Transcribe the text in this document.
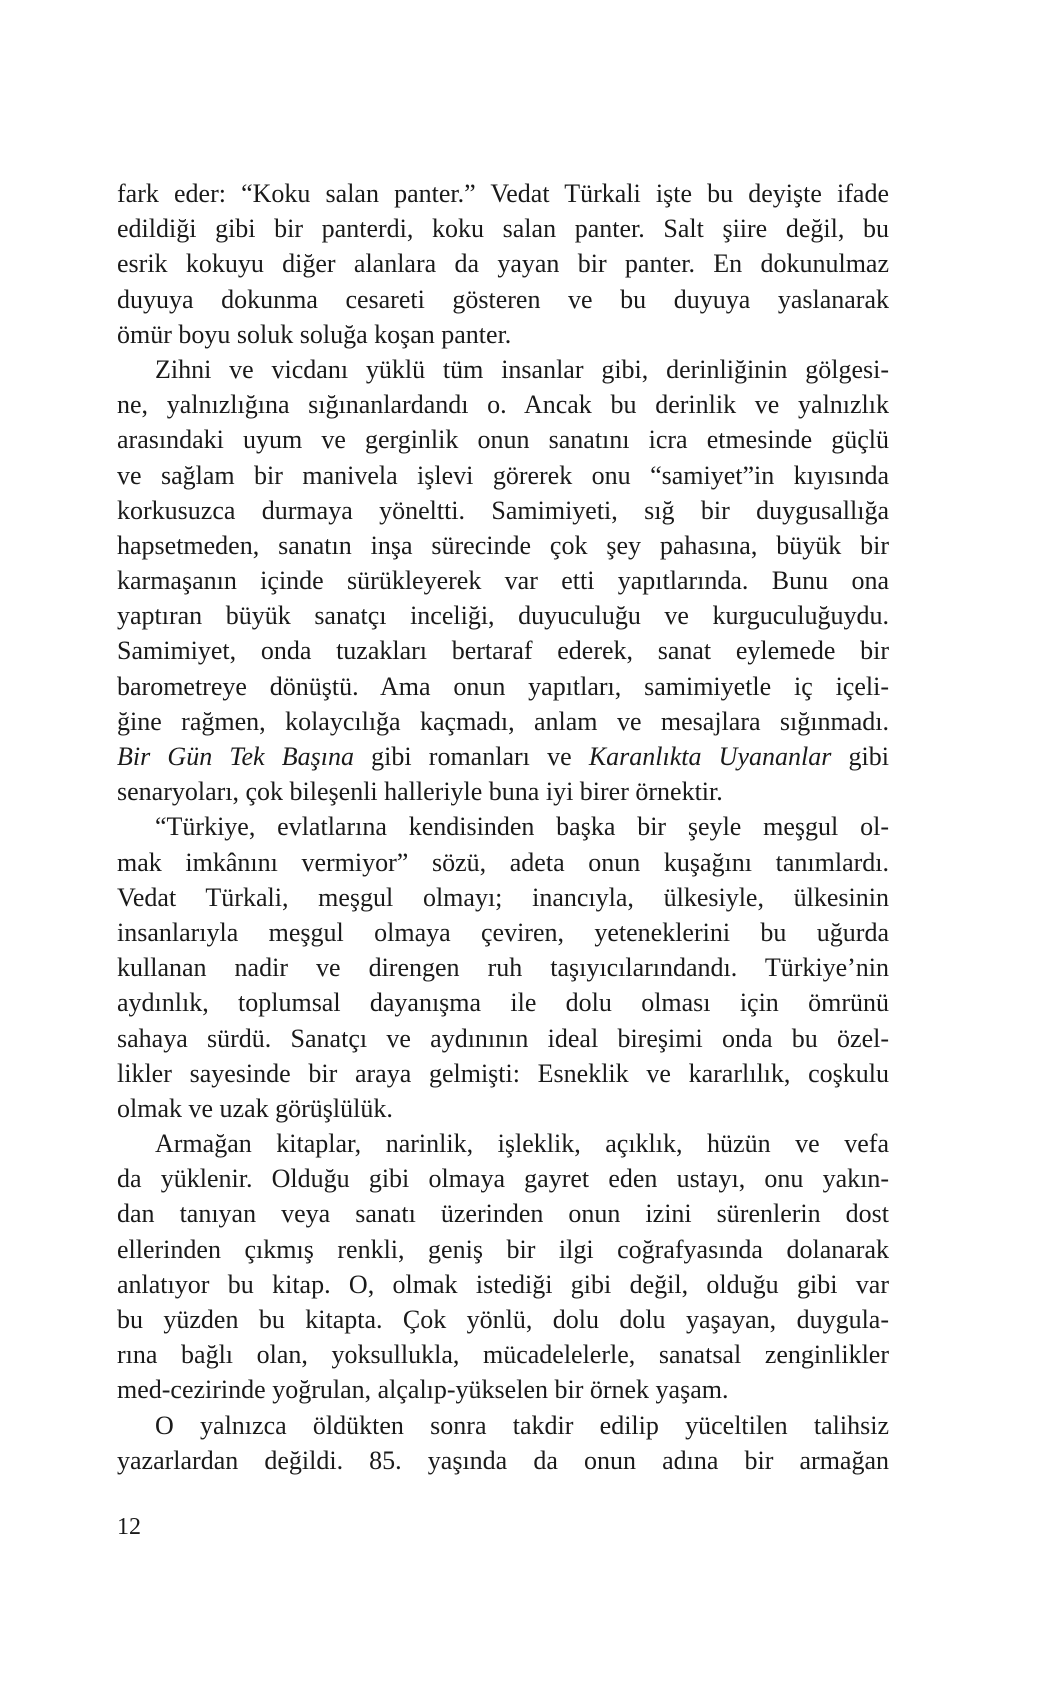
fark eder: “Koku salan panter.” Vedat Türkali işte bu deyişte ifade
edildiği gibi bir panterdi, koku salan panter. Salt şiire değil, bu
esrik kokuyu diğer alanlara da yayan bir panter. En dokunulmaz
duyuya dokunma cesareti gösteren ve bu duyuya yaslanarak
ömür boyu soluk soluğa koşan panter.
Zihni ve vicdanı yüklü tüm insanlar gibi, derinliğinin gölgesi-
ne, yalnızlığına sığınanlardandı o. Ancak bu derinlik ve yalnızlık
arasındaki uyum ve gerginlik onun sanatını icra etmesinde güçlü
ve sağlam bir manivela işlevi görerek onu “samiyet”in kıyısında
korkusuzca durmaya yöneltti. Samimiyeti, sığ bir duygusallığa
hapsetmeden, sanatın inşa sürecinde çok şey pahasına, büyük bir
karmaşanın içinde sürükleyerek var etti yapıtlarında. Bunu ona
yaptıran büyük sanatçı inceliği, duyuculuğu ve kurguculuğuydu.
Samimiyet, onda tuzakları bertaraf ederek, sanat eylemede bir
barometreye dönüştü. Ama onun yapıtları, samimiyetle iç içeli-
ğine rağmen, kolaycılığa kaçmadı, anlam ve mesajlara sığınmadı.
Bir Gün Tek Başına gibi romanları ve Karanlıkta Uyananlar gibi
senaryoları, çok bileşenli halleriyle buna iyi birer örnektir.
“Türkiye, evlatlarına kendisinden başka bir şeyle meşgul ol-
mak imkânını vermiyor” sözü, adeta onun kuşağını tanımlardı.
Vedat Türkali, meşgul olmayı; inancıyla, ülkesiyle, ülkesinin
insanlarıyla meşgul olmaya çeviren, yeteneklerini bu uğurda
kullanan nadir ve direngen ruh taşıyıcılarındandı. Türkiye’nin
aydınlık, toplumsal dayanışma ile dolu olması için ömrünü
sahaya sürdü. Sanatçı ve aydınının ideal bireşimi onda bu özel-
likler sayesinde bir araya gelmişti: Esneklik ve kararlılık, coşkulu
olmak ve uzak görüşlülük.
Armağan kitaplar, narinlik, işleklik, açıklık, hüzün ve vefa
da yüklenir. Olduğu gibi olmaya gayret eden ustayı, onu yakın-
dan tanıyan veya sanatı üzerinden onun izini sürenlerin dost
ellerinden çıkmış renkli, geniş bir ilgi coğrafyasında dolanarak
anlatıyor bu kitap. O, olmak istediği gibi değil, olduğu gibi var
bu yüzden bu kitapta. Çok yönlü, dolu dolu yaşayan, duygula-
rına bağlı olan, yoksullukla, mücadelelerle, sanatsal zenginlikler
med-cezirinde yoğrulan, alçalıp-yükselen bir örnek yaşam.
O yalnızca öldükten sonra takdir edilip yüceltilen talihsiz
yazarlardan değildi. 85. yaşında da onun adına bir armağan
12
